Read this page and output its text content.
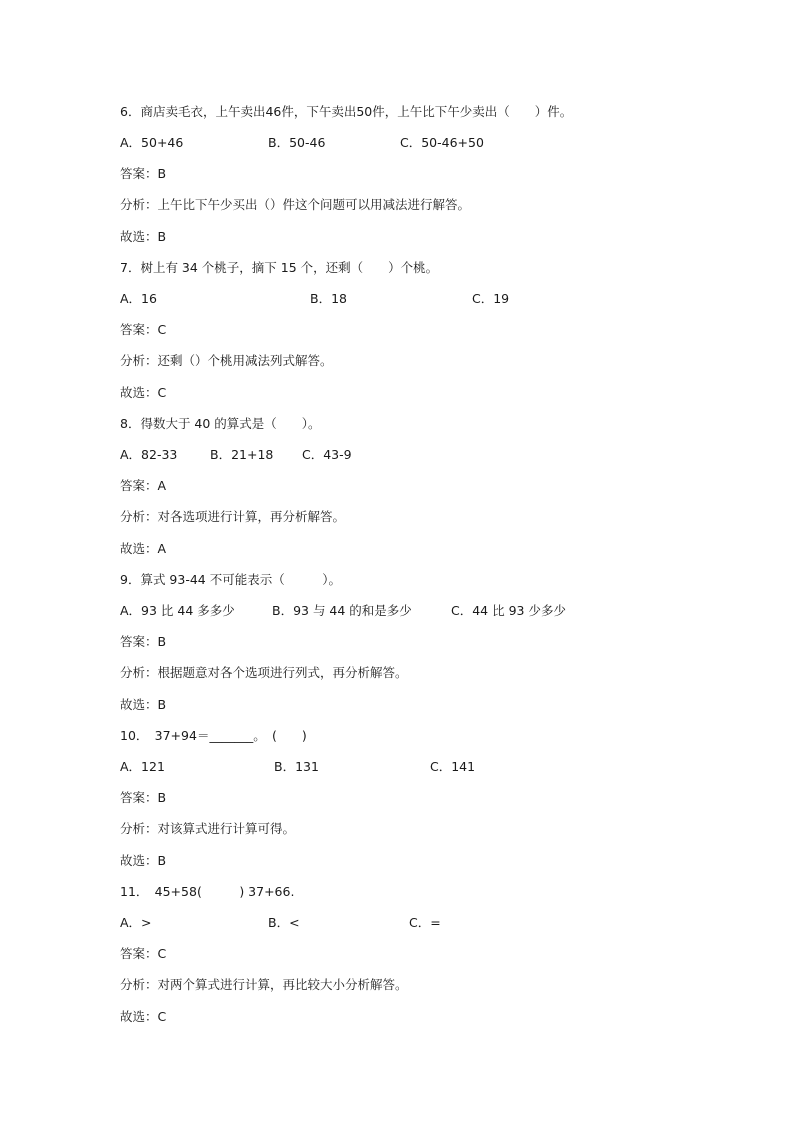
6．商店卖毛衣，上午卖出46件，下午卖出50件，上午比下午少卖出（　　）件。
A．50+46	B．50-46	C．50-46+50
答案：B
分析：上午比下午少买出（）件这个问题可以用减法进行解答。
故选：B
7．树上有 34 个桃子，摘下 15 个，还剩（　　）个桃。
A．16	B．18	C．19
答案：C
分析：还剩（）个桃用减法列式解答。
故选：C
8．得数大于 40 的算式是（　　）。
A．82-33	B．21+18 C．43-9
答案：A
分析：对各选项进行计算，再分析解答。
故选：A
9．算式 93-44 不可能表示（　　　）。
A．93 比 44 多多少	B．93 与 44 的和是多少	C．44 比 93 少多少
答案：B
分析：根据题意对各个选项进行列式，再分析解答。
故选：B
10．　37+94＝_______。　(　　)
A．121	B．131	C．141
答案：B
分析：对该算式进行计算可得。
故选：B
11．　45+58(　　　) 37+66.
A．>	B．<	C．=
答案：C
分析：对两个算式进行计算，再比较大小分析解答。
故选：C
